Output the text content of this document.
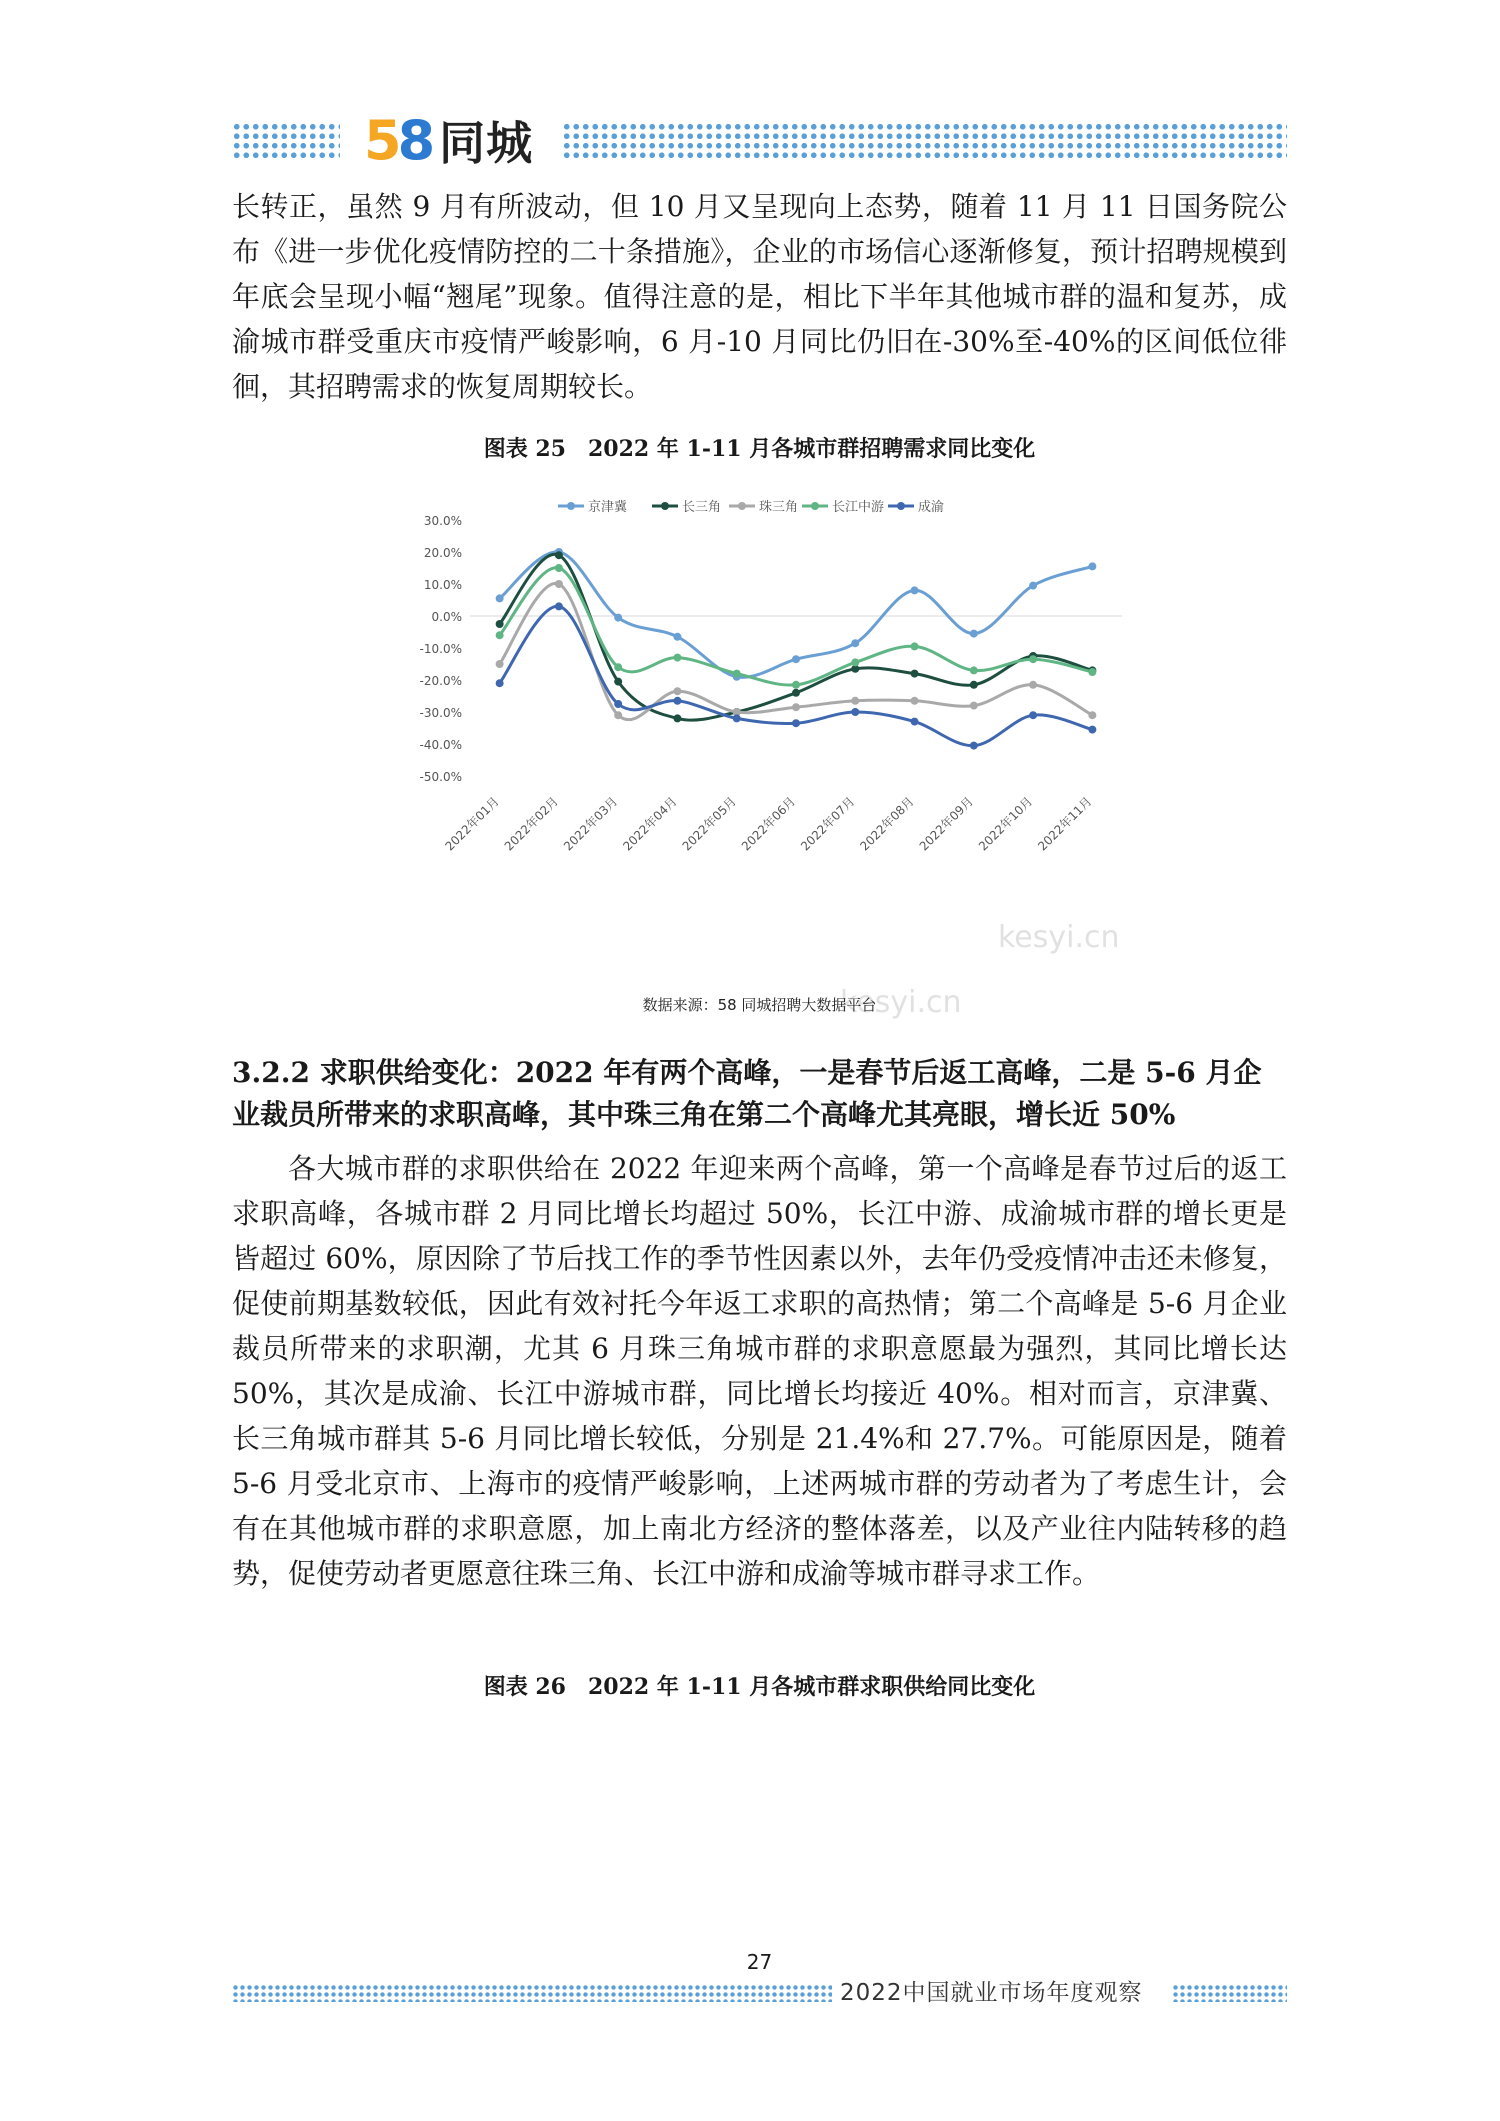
5 8 同城

长转正，虽然 9 月有所波动，但 10 月又呈现向上态势，随着 11 月 11 日国务院公布《进一步优化疫情防控的二十条措施》，企业的市场信心逐渐修复，预计招聘规模到年底会呈现小幅“翘尾”现象。值得注意的是，相比下半年其他城市群的温和复苏，成渝城市群受重庆市疫情严峻影响，6 月-10 月同比仍旧在-30%至-40%的区间低位徘徊，其招聘需求的恢复周期较长。

图表 25　2022 年 1-11 月各城市群招聘需求同比变化
京津冀	长三角	珠三角	长江中游	成渝
30.0%
20.0%
10.0%
0.0%
-10.0%
-20.0%
-30.0%
-40.0%
-50.0%
2022年01月 2022年02月 2022年03月 2022年04月 2022年05月 2022年06月 2022年07月 2022年08月 2022年09月 2022年10月 2022年11月
kesyi.cn
kesyi.cn
数据来源：58 同城招聘大数据平台

3.2.2 求职供给变化：2022 年有两个高峰，一是春节后返工高峰，二是 5-6 月企业裁员所带来的求职高峰，其中珠三角在第二个高峰尤其亮眼，增长近 50%

各大城市群的求职供给在 2022 年迎来两个高峰，第一个高峰是春节过后的返工求职高峰，各城市群 2 月同比增长均超过 50%，长江中游、成渝城市群的增长更是皆超过 60%，原因除了节后找工作的季节性因素以外，去年仍受疫情冲击还未修复，促使前期基数较低，因此有效衬托今年返工求职的高热情；第二个高峰是 5-6 月企业裁员所带来的求职潮，尤其 6 月珠三角城市群的求职意愿最为强烈，其同比增长达 50%，其次是成渝、长江中游城市群，同比增长均接近 40%。相对而言，京津冀、长三角城市群其 5-6 月同比增长较低，分别是 21.4%和 27.7%。可能原因是，随着 5-6 月受北京市、上海市的疫情严峻影响，上述两城市群的劳动者为了考虑生计，会有在其他城市群的求职意愿，加上南北方经济的整体落差，以及产业往内陆转移的趋势，促使劳动者更愿意往珠三角、长江中游和成渝等城市群寻求工作。

图表 26　2022 年 1-11 月各城市群求职供给同比变化
27
2022中国就业市场年度观察
